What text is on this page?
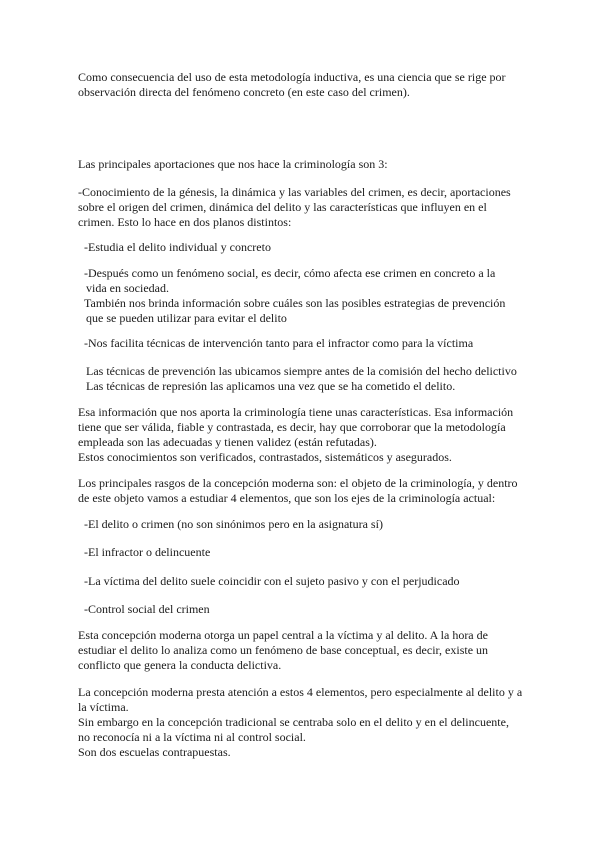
Como consecuencia del uso de esta metodología inductiva, es una ciencia que se rige por
observación directa del fenómeno concreto (en este caso del crimen).

Las principales aportaciones que nos hace la criminología son 3:

-Conocimiento de la génesis, la dinámica y las variables del crimen, es decir, aportaciones
sobre el origen del crimen, dinámica del delito y las características que influyen en el
crimen. Esto lo hace en dos planos distintos:

-Estudia el delito individual y concreto

-Después como un fenómeno social, es decir, cómo afecta ese crimen en concreto a la
vida en sociedad.
También nos brinda información sobre cuáles son las posibles estrategias de prevención
que se pueden utilizar para evitar el delito

-Nos facilita técnicas de intervención tanto para el infractor como para la víctima

Las técnicas de prevención las ubicamos siempre antes de la comisión del hecho delictivo
Las técnicas de represión las aplicamos una vez que se ha cometido el delito.

Esa información que nos aporta la criminología tiene unas características. Esa información
tiene que ser válida, fiable y contrastada, es decir, hay que corroborar que la metodología
empleada son las adecuadas y tienen validez (están refutadas).
Estos conocimientos son verificados, contrastados, sistemáticos y asegurados.

Los principales rasgos de la concepción moderna son: el objeto de la criminología, y dentro
de este objeto vamos a estudiar 4 elementos, que son los ejes de la criminología actual:

-El delito o crimen (no son sinónimos pero en la asignatura sí)

-El infractor o delincuente

-La víctima del delito suele coincidir con el sujeto pasivo y con el perjudicado

-Control social del crimen

Esta concepción moderna otorga un papel central a la víctima y al delito. A la hora de
estudiar el delito lo analiza como un fenómeno de base conceptual, es decir, existe un
conflicto que genera la conducta delictiva.

La concepción moderna presta atención a estos 4 elementos, pero especialmente al delito y a
la víctima.
Sin embargo en la concepción tradicional se centraba solo en el delito y en el delincuente,
no reconocía ni a la víctima ni al control social.
Son dos escuelas contrapuestas.
